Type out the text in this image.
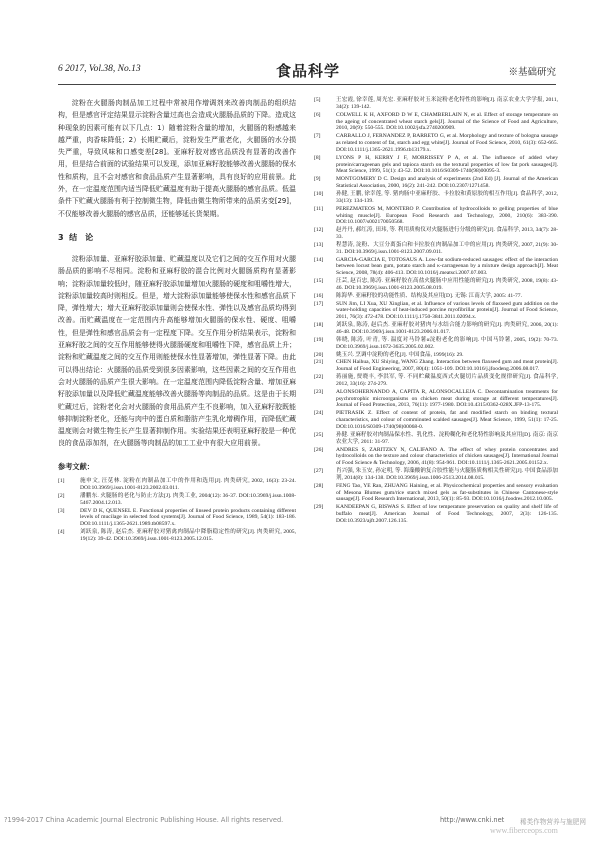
6 2017, Vol.38, No.13	食品科学	※基础研究

淀粉在火腿肠肉制品加工过程中常被用作增调剂来改善肉制品的组织结构，但是感官评定结果显示淀粉含量过高也会造成火腿肠品质的下降。造成这种现象的因素可能有以下几点：1）随着淀粉含量的增加，火腿肠的粉感越来越严重，肉香味降低；2）长期贮藏后，淀粉发生严重老化，火腿肠的水分损失严重，导致风味和口感变差[28]。亚麻籽胶对感官品质没有显著的改善作用，但是结合前面的试验结果可以发现，添加亚麻籽胶能够改善火腿肠的保水性和质构，且不会对感官和食品品质产生显著影响，具有良好的应用前景。此外，在一定温度范围内适当降低贮藏温度有助于提高火腿肠的感官品质。低温条件下贮藏火腿肠有利于控制微生物，降低由微生物所带来的品质劣变[29]，不仅能够改善火腿肠的感官品质，还能够延长货架期。

3 结　论

淀粉添加量、亚麻籽胶添加量、贮藏温度以及它们之间的交互作用对火腿肠品质的影响不尽相同。淀粉和亚麻籽胶的混合比例对火腿肠质构有显著影响；淀粉添加量较低时，随亚麻籽胶添加量增加火腿肠的硬度和咀嚼性增大，淀粉添加量较高时则相反。但是，增大淀粉添加量能够使保水性和感官品质下降，弹性增大；增大亚麻籽胶添加量则会使保水性、弹性以及感官品质均得到改善。而贮藏温度在一定范围内升高能够增加火腿肠的保水性、硬度、咀嚼性，但是弹性和感官品质会有一定程度下降。交互作用分析结果表示，淀粉和亚麻籽胶之间的交互作用能够使得火腿肠硬度和咀嚼性下降，感官品质上升；淀粉和贮藏温度之间的交互作用则能使保水性显著增加，弹性显著下降。由此可以得出结论：火腿肠的品质受到很多因素影响，这些因素之间的交互作用也会对火腿肠的品质产生很大影响。在一定温度范围内降低淀粉含量、增加亚麻籽胶添加量以及降低贮藏温度能够改善火腿肠等肉制品的品质。这是由于长期贮藏过后，淀粉老化会对火腿肠的食用品质产生不良影响，加入亚麻籽胶既能够抑制淀粉老化，还能与肉中的蛋白质和脂肪产生乳化增稠作用，而降低贮藏温度则会对微生物生长产生显著抑制作用。实验结果还表明亚麻籽胶是一种优良的食品添加剂，在火腿肠等肉制品的加工工业中有很大应用前景。

参考文献：
[1]	施申文, 汪苋林. 淀粉在肉制品加工中的作用和选用[J]. 肉类研究, 2002, 16(3): 23-24. DOI:10.3969/j.issn.1001-8123.2002.03.011.
[2]	潘鹏东. 火腿肠的老化与防止方法[J]. 肉类工业, 2004(12): 36-37. DOI:10.3969/j.issn.1008-5467.2004.12.013.
[3]	DEV D K, QUENSEL E. Functional properties of linseed protein products containing different levels of mucilage in selected food systems[J]. Journal of Food Science, 1989, 54(1): 183-186. DOI:10.1111/j.1365-2621.1989.tb08597.x.
[4]	刘跃泉, 陈涛, 赵后杰. 亚麻籽胶对猪禽肉制品中降脂稳定性的研究[J]. 肉类研究, 2005, 19(12): 39-42. DOI:10.3969/j.issn.1001-8123.2005.12.015.
[5]	王宏霞, 徐幸莲, 周光宏. 亚麻籽胶对玉米淀粉老化特性的影响[J]. 南京农业大学学报, 2011, 34(2): 139-142.
[6]	COLWELL K H, AXFORD D W E, CHAMBERLAIN N, et al. Effect of storage temperature on the ageing of concentrated wheat starch gels[J]. Journal of the Science of Food and Agriculture, 2010, 20(9): 550-555. DOI:10.1002/jsfa.2740200909.
[7]	CARBALLO J, FERNANDEZ P, BARRETO G, et al. Morphology and texture of bologna sausage as related to content of fat, starch and egg white[J]. Journal of Food Science, 2010, 61(3): 652-665. DOI:10.1111/j.1365-2621.1996.tb13179.x.
[8]	LYONS P H, KERRY J F, MORRISSEY P A, et al. The influence of added whey protein/carrageenan gels and tapioca starch on the textural properties of low fat pork sausages[J]. Meat Science, 1999, 51(1): 43-52. DOI:10.1016/S0309-1740(98)00095-3.
[9]	MONTGOMERY D C. Design and analysis of experiments (2nd Ed) [J]. Journal of the American Statistical Association, 2000, 16(2): 241-242. DOI:10.2307/1271458.
[10]	孙健, 王鹏, 徐幸莲, 等. 猪肉肠中亚麻籽胶、卡拉胶和黄原胶的相互作用[J]. 食品科学, 2012, 33(13): 134-139.
[11]	PEREZMATEOS M, MONTERO P. Contribution of hydrocolloids to gelling properties of blue whiting muscle[J]. European Food Research and Technology, 2000, 210(6): 383-390. DOI:10.1007/s002170050568.
[12]	赵丹丹, 郝红涛, 田玮, 等. 利用质构仪对火腿肠进行分级的研究[J]. 食品科学, 2013, 34(7): 28-33.
[13]	程慧涛, 淀粉、大豆分离蛋白和卡拉胶在肉制品加工中的应用[J]. 肉类研究, 2007, 21(9): 30-31. DOI:10.3969/j.issn.1001-8123.2007.09.011.
[14]	GARCIA-GARCIA E, TOTOSAUS A. Low-fat sodium-reduced sausages: effect of the interaction between locust bean gum, potato starch and κ-carrageenan by a mixture design approach[J]. Meat Science, 2008, 78(4): 406-413. DOI:10.1016/j.meatsci.2007.07.003.
[15]	汪芸, 赵百忠, 陈涛. 亚麻籽胶在高盐火腿肠中应用性能的研究[J]. 肉类研究, 2008, 19(8): 43-46. DOI:10.3969/j.issn.1001-8123.2005.08.019.
[16]	陈海华. 亚麻籽胶的功能性质、结构及其应用[D]. 无锡: 江南大学, 2005: 41-77.
[17]	SUN Jim, LI Xua, XU Xinglian, et al. Influence of various levels of flaxseed gum addition on the water-holding capacities of heat-induced porcine myofibrillar protein[J]. Journal of Food Science, 2011, 76(3): 472-478. DOI:10.1111/j.1750-3841.2011.02094.x.
[18]	刘跃泉, 陈涛, 赵后杰. 亚麻籽胶对猪肉与水结合能力影响的研究[J]. 肉类研究, 2006, 20(1): 46-48. DOI:10.3969/j.issn.1001-8123.2006.01.017.
[19]	韩晓, 陈涛, 叶青, 等. 温度对马铃薯α淀粉老化的影响[J]. 中国马铃薯, 2005, 19(2): 70-73. DOI:10.3969/j.issn.1672-3635.2005.02.002.
[20]	姚玉兴. 烹调中淀粉的老化[J]. 中国食品, 1999(16): 29.
[21]	CHEN Haihua, XU Shiying, WANG Zhang. Interaction between flaxseed gum and meat protein[J]. Journal of Food Engineering, 2007, 80(4): 1051-109. DOI:10.1016/j.jfoodeng.2006.08.017.
[22]	蒋丽施, 贾晓丰, 李洪军, 等. 不同贮藏温度西式火腿切片品质变化规律研究[J]. 食品科学, 2012, 33(16): 274-279.
[23]	ALONSOHERNANDO A, CAPITA R, ALONSOCALLEJA C. Decontamination treatments for psychrotrophic microorganisms on chicken meat during storage at different temperatures[J]. Journal of Food Protection, 2013, 76(11): 1977-1980. DOI:10.4315/0362-028X.JFP-13-175.
[24]	PIETRASIK Z. Effect of content of protein, fat and modified starch on binding textural characteristics, and colour of comminuted scalded sausages[J]. Meat Science, 1999, 51(1): 17-25. DOI:10.1016/S0309-1740(98)00068-0.
[25]	孙健. 亚麻籽胶对肉制品保水性、乳化性、淀粉糊化和老化特性影响及其应用[D]. 南京: 南京农业大学, 2011: 31-97.
[26]	ANDRES S, ZARITZKY N, CALIFANO A. The effect of whey protein concentrates and hydrocolloids on the texture and colour characteristics of chicken sausages[J]. International Journal of Food Science & Technology, 2006, 41(8): 954-961. DOI:10.1111/j.1365-2621.2005.01152.x.
[27]	肖兴强, 朱玉安, 孙定明, 等. 海藻酸钠复合胶性能与火腿肠质构相关性研究[J]. 中国食品添加剂, 2014(8): 134-138. DOI:10.3969/j.issn.1006-2513.2014.08.015.
[28]	FENG Tao, YE Ran, ZHUANG Haining, et al. Physicochemical properties and sensory evaluation of Mesona Blumes gum/rice starch mixed gels as fat-substitutes in Chinese Cantonese-style sausage[J]. Food Research International, 2013, 50(1): 85-93. DOI:10.1016/j.foodres.2012.10.005.
[29]	KANDEEPAN G, BISWAS S. Effect of low temperature preservation on quality and shelf life of buffalo meat[J]. American Journal of Food Technology, 2007, 2(3): 126-135. DOI:10.3923/ajft.2007.126.135.
?1994-2017 China Academic Journal Electronic Publishing House. All rights reserved.	http://www.cnki.net 稀类作物营养与施肥网
www.fiberceops.com
